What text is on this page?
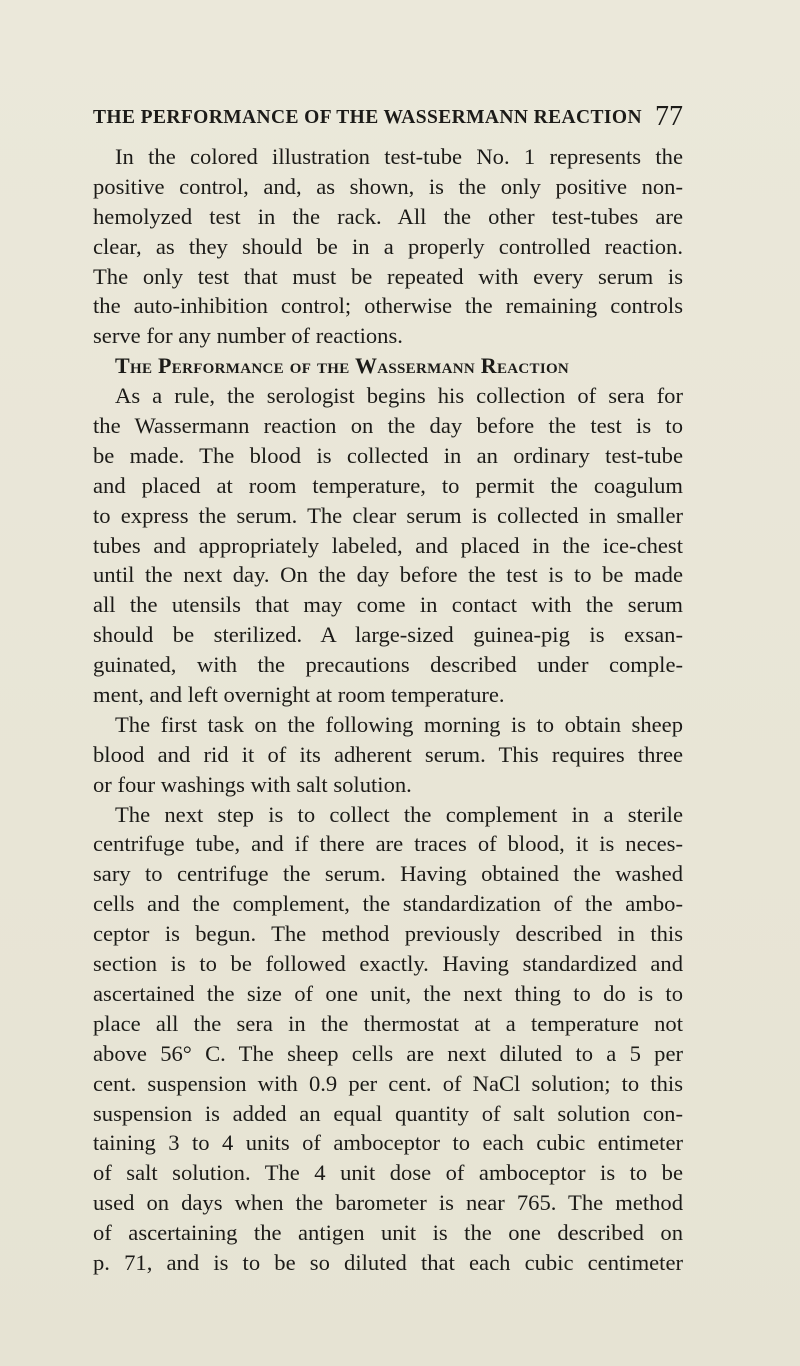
THE PERFORMANCE OF THE WASSERMANN REACTION 77
In the colored illustration test-tube No. 1 represents the
positive control, and, as shown, is the only positive non-
hemolyzed test in the rack. All the other test-tubes are
clear, as they should be in a properly controlled reaction.
The only test that must be repeated with every serum is
the auto-inhibition control; otherwise the remaining controls
serve for any number of reactions.
The Performance of the Wassermann Reaction
As a rule, the serologist begins his collection of sera for
the Wassermann reaction on the day before the test is to
be made. The blood is collected in an ordinary test-tube
and placed at room temperature, to permit the coagulum
to express the serum. The clear serum is collected in smaller
tubes and appropriately labeled, and placed in the ice-chest
until the next day. On the day before the test is to be made
all the utensils that may come in contact with the serum
should be sterilized. A large-sized guinea-pig is exsan-
guinated, with the precautions described under comple-
ment, and left overnight at room temperature.
The first task on the following morning is to obtain sheep
blood and rid it of its adherent serum. This requires three
or four washings with salt solution.
The next step is to collect the complement in a sterile
centrifuge tube, and if there are traces of blood, it is neces-
sary to centrifuge the serum. Having obtained the washed
cells and the complement, the standardization of the ambo-
ceptor is begun. The method previously described in this
section is to be followed exactly. Having standardized and
ascertained the size of one unit, the next thing to do is to
place all the sera in the thermostat at a temperature not
above 56° C. The sheep cells are next diluted to a 5 per
cent. suspension with 0.9 per cent. of NaCl solution; to this
suspension is added an equal quantity of salt solution con-
taining 3 to 4 units of amboceptor to each cubic entimeter
of salt solution. The 4 unit dose of amboceptor is to be
used on days when the barometer is near 765. The method
of ascertaining the antigen unit is the one described on
p. 71, and is to be so diluted that each cubic centimeter
